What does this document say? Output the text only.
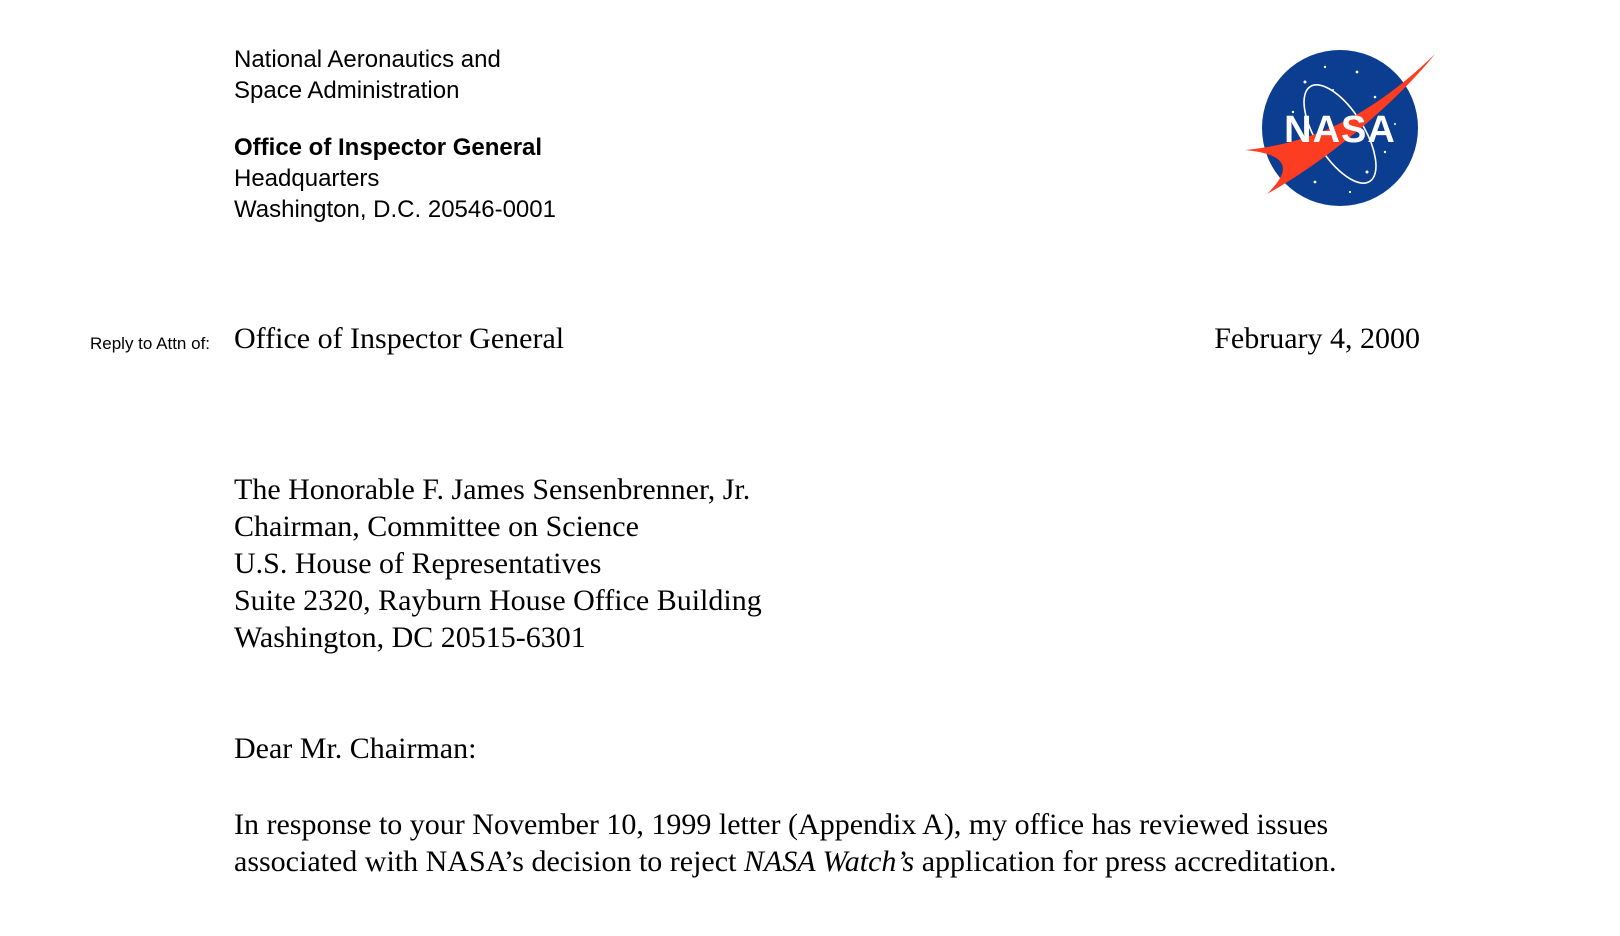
National Aeronautics and
Space Administration
Office of Inspector General
Headquarters
Washington, D.C. 20546-0001
NASA
Reply to Attn of: Office of Inspector General	February 4, 2000
The Honorable F. James Sensenbrenner, Jr.
Chairman, Committee on Science
U.S. House of Representatives
Suite 2320, Rayburn House Office Building
Washington, DC 20515-6301
Dear Mr. Chairman:
In response to your November 10, 1999 letter (Appendix A), my office has reviewed issues
associated with NASA’s decision to reject NASA Watch’s application for press accreditation.
